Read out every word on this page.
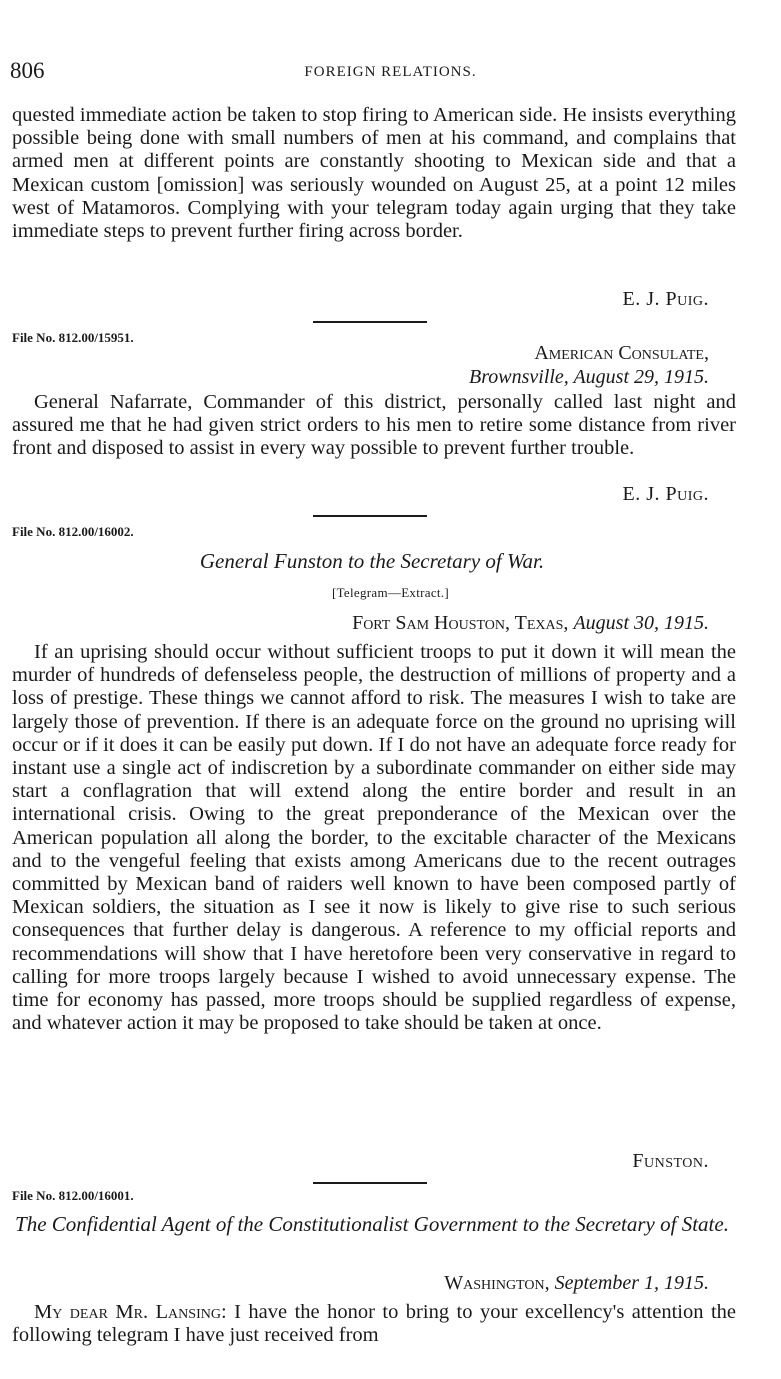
806	FOREIGN RELATIONS.

quested immediate action be taken to stop firing to American side. He insists everything possible being done with small numbers of men at his command, and complains that armed men at different points are constantly shooting to Mexican side and that a Mexican custom [omission] was seriously wounded on August 25, at a point 12 miles west of Matamoros. Complying with your telegram today again urging that they take immediate steps to prevent further firing across border.

E. J. Puig.
File No. 812.00/15951.
American Consulate,
Brownsville, August 29, 1915.

General Nafarrate, Commander of this district, personally called last night and assured me that he had given strict orders to his men to retire some distance from river front and disposed to assist in every way possible to prevent further trouble.

E. J. Puig.
File No. 812.00/16002.
General Funston to the Secretary of War.
[Telegram—Extract.]
Fort Sam Houston, Texas, August 30, 1915.

If an uprising should occur without sufficient troops to put it down it will mean the murder of hundreds of defenseless people, the destruction of millions of property and a loss of prestige. These things we cannot afford to risk. The measures I wish to take are largely those of prevention. If there is an adequate force on the ground no uprising will occur or if it does it can be easily put down. If I do not have an adequate force ready for instant use a single act of indiscretion by a subordinate commander on either side may start a conflagration that will extend along the entire border and result in an international crisis. Owing to the great preponderance of the Mexican over the American population all along the border, to the excitable character of the Mexicans and to the vengeful feeling that exists among Americans due to the recent outrages committed by Mexican band of raiders well known to have been composed partly of Mexican soldiers, the situation as I see it now is likely to give rise to such serious consequences that further delay is dangerous. A reference to my official reports and recommendations will show that I have heretofore been very conservative in regard to calling for more troops largely because I wished to avoid unnecessary expense. The time for economy has passed, more troops should be supplied regardless of expense, and whatever action it may be proposed to take should be taken at once.

Funston.
File No. 812.00/16001.
The Confidential Agent of the Constitutionalist Government to the Secretary of State.
Washington, September 1, 1915.

My dear Mr. Lansing: I have the honor to bring to your excellency's attention the following telegram I have just received from
